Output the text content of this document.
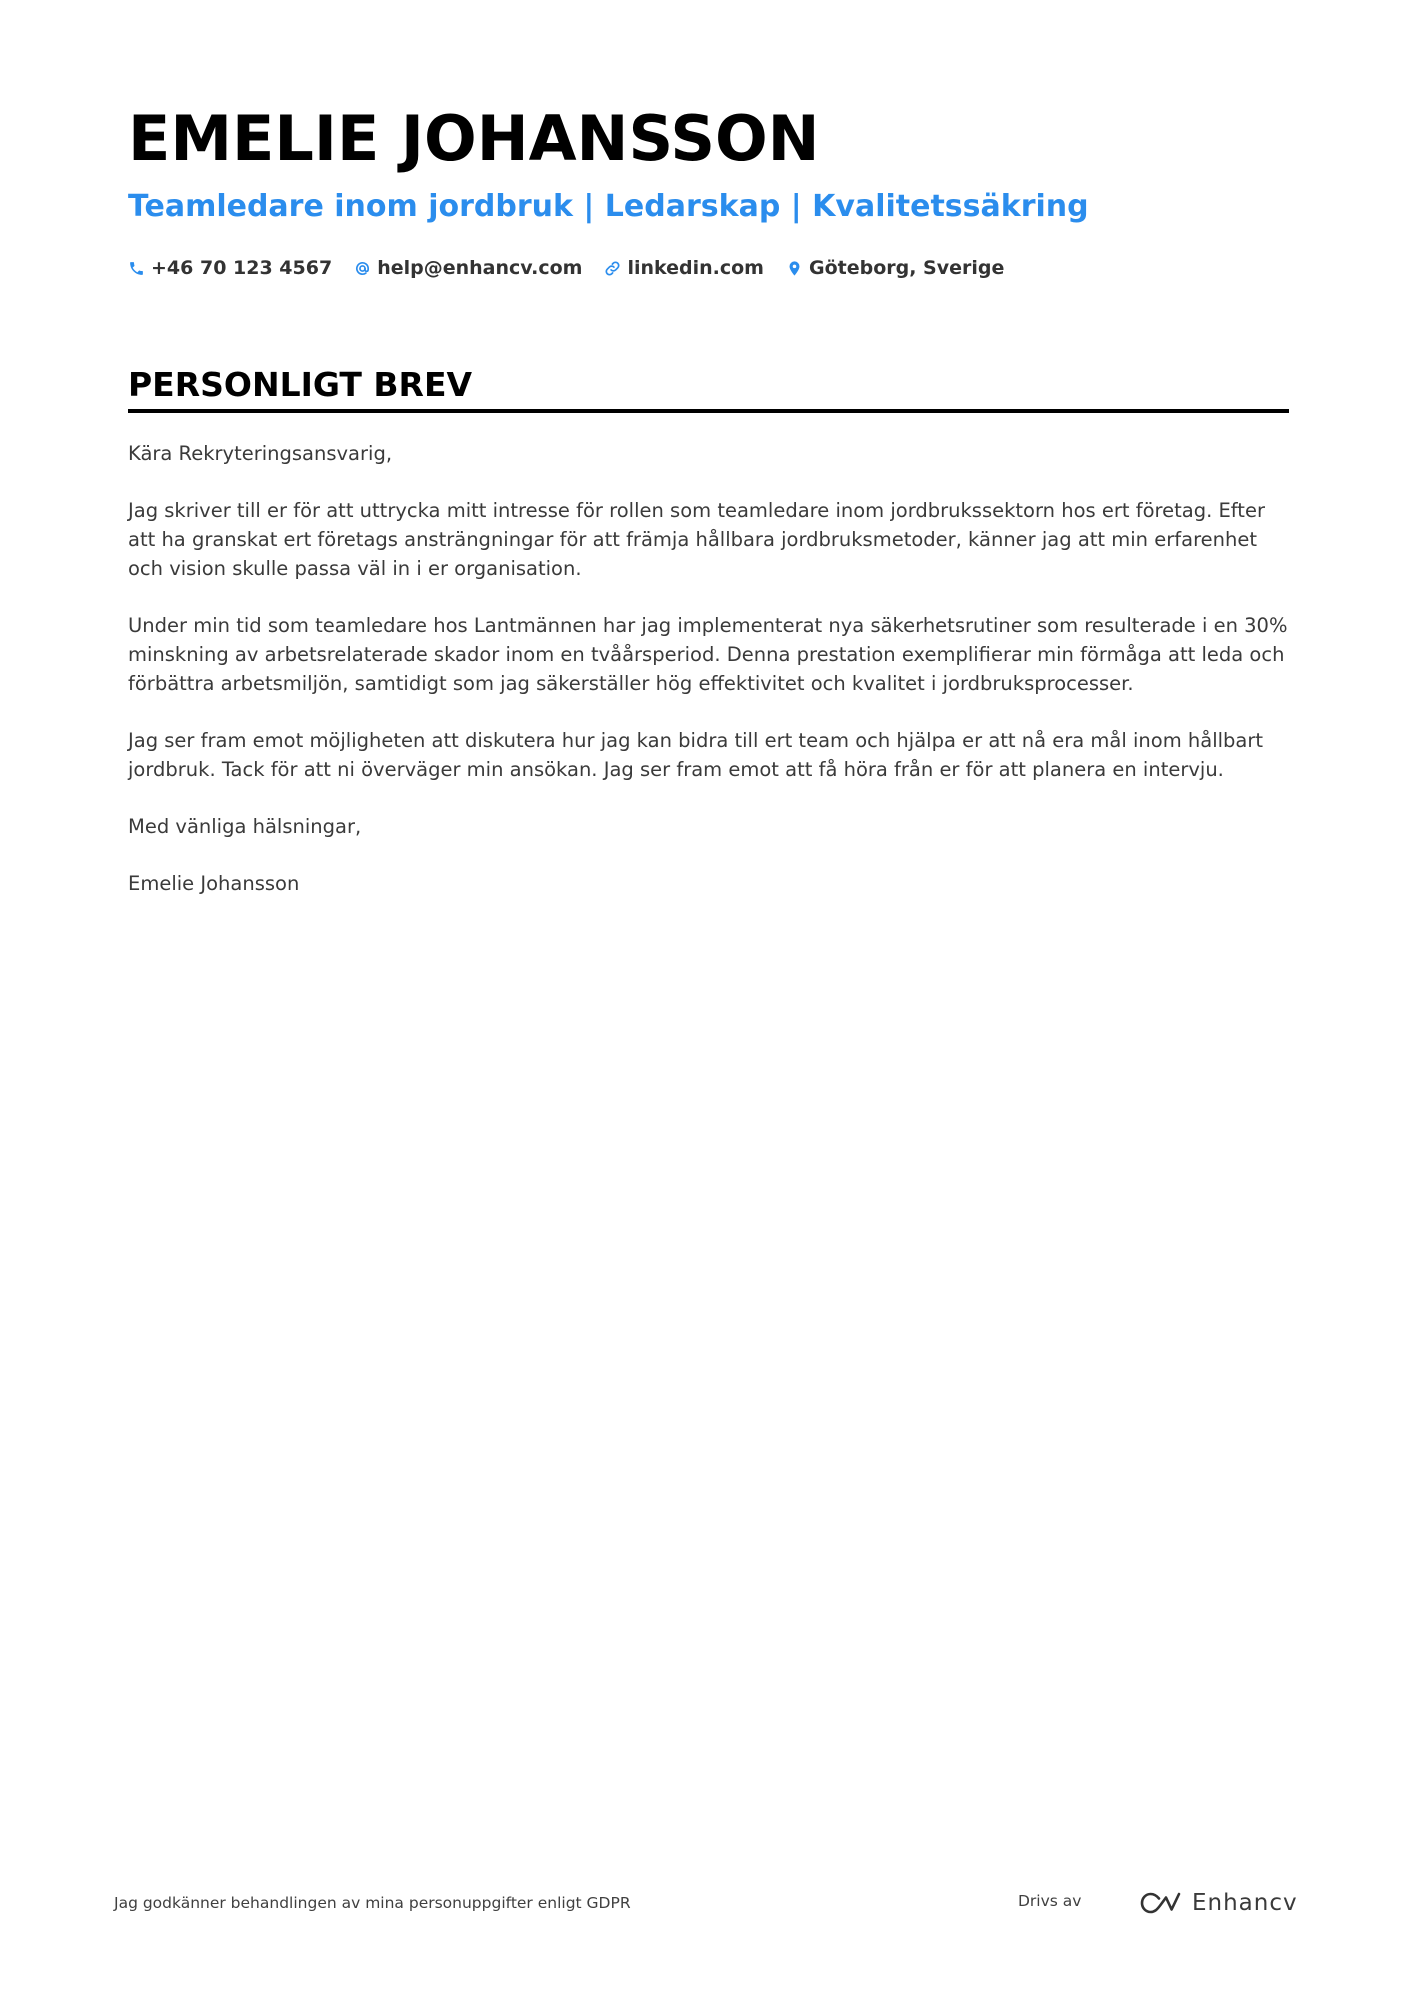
EMELIE JOHANSSON
Teamledare inom jordbruk | Ledarskap | Kvalitetssäkring
+46 70 123 4567 help@enhancv.com linkedin.com Göteborg, Sverige
PERSONLIGT BREV

Kära Rekryteringsansvarig,

Jag skriver till er för att uttrycka mitt intresse för rollen som teamledare inom jordbrukssektorn hos ert företag. Efter att ha granskat ert företags ansträngningar för att främja hållbara jordbruksmetoder, känner jag att min erfarenhet och vision skulle passa väl in i er organisation.

Under min tid som teamledare hos Lantmännen har jag implementerat nya säkerhetsrutiner som resulterade i en 30% minskning av arbetsrelaterade skador inom en tvåårsperiod. Denna prestation exemplifierar min förmåga att leda och förbättra arbetsmiljön, samtidigt som jag säkerställer hög effektivitet och kvalitet i jordbruksprocesser.

Jag ser fram emot möjligheten att diskutera hur jag kan bidra till ert team och hjälpa er att nå era mål inom hållbart jordbruk. Tack för att ni överväger min ansökan. Jag ser fram emot att få höra från er för att planera en intervju.

Med vänliga hälsningar,

Emelie Johansson

Jag godkänner behandlingen av mina personuppgifter enligt GDPR	Drivs av	Enhancv
